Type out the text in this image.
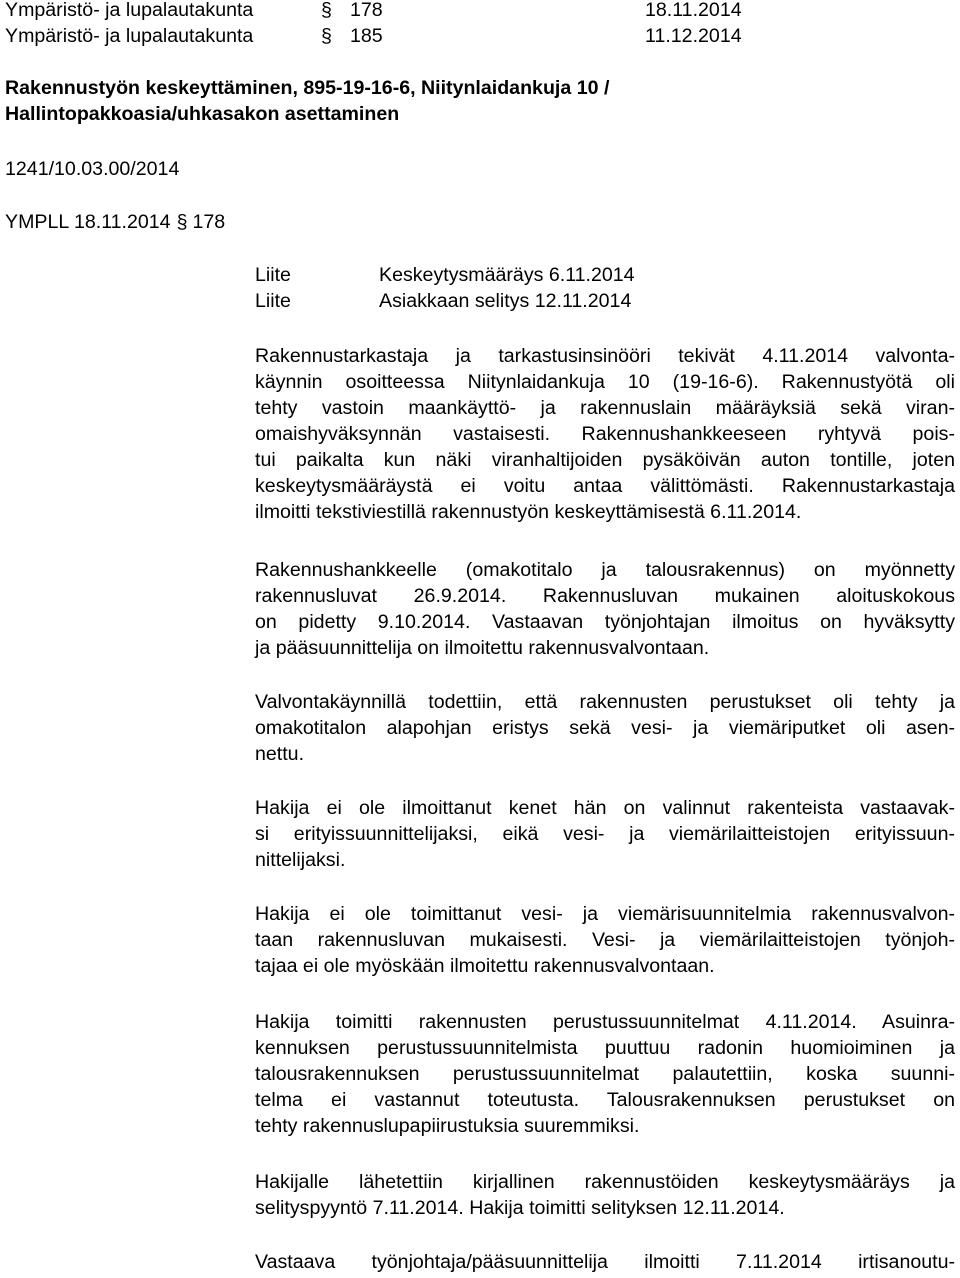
Ympäristö- ja lupalautakunta	§ 178	18.11.2014
Ympäristö- ja lupalautakunta	§ 185	11.12.2014
Rakennustyön keskeyttäminen, 895-19-16-6, Niitynlaidankuja 10 /
Hallintopakkoasia/uhkasakon asettaminen
1241/10.03.00/2014
YMPLL 18.11.2014 § 178
Liite	Keskeytysmääräys 6.11.2014
Liite	Asiakkaan selitys 12.11.2014
Rakennustarkastaja ja tarkastusinsinööri tekivät 4.11.2014 valvonta-
käynnin osoitteessa Niitynlaidankuja 10 (19-16-6). Rakennustyötä oli
tehty vastoin maankäyttö- ja rakennuslain määräyksiä sekä viran-
omaishyväksynnän vastaisesti. Rakennushankkeeseen ryhtyvä pois-
tui paikalta kun näki viranhaltijoiden pysäköivän auton tontille, joten
keskeytysmääräystä ei voitu antaa välittömästi. Rakennustarkastaja
ilmoitti tekstiviestillä rakennustyön keskeyttämisestä 6.11.2014.
Rakennushankkeelle (omakotitalo ja talousrakennus) on myönnetty
rakennusluvat 26.9.2014. Rakennusluvan mukainen aloituskokous
on pidetty 9.10.2014. Vastaavan työnjohtajan ilmoitus on hyväksytty
ja pääsuunnittelija on ilmoitettu rakennusvalvontaan.
Valvontakäynnillä todettiin, että rakennusten perustukset oli tehty ja
omakotitalon alapohjan eristys sekä vesi- ja viemäriputket oli asen-
nettu.
Hakija ei ole ilmoittanut kenet hän on valinnut rakenteista vastaavak-
si erityissuunnittelijaksi, eikä vesi- ja viemärilaitteistojen erityissuun-
nittelijaksi.
Hakija ei ole toimittanut vesi- ja viemärisuunnitelmia rakennusvalvon-
taan rakennusluvan mukaisesti. Vesi- ja viemärilaitteistojen työnjoh-
tajaa ei ole myöskään ilmoitettu rakennusvalvontaan.
Hakija toimitti rakennusten perustussuunnitelmat 4.11.2014. Asuinra-
kennuksen perustussuunnitelmista puuttuu radonin huomioiminen ja
talousrakennuksen perustussuunnitelmat palautettiin, koska suunni-
telma ei vastannut toteutusta. Talousrakennuksen perustukset on
tehty rakennuslupapiirustuksia suuremmiksi.
Hakijalle lähetettiin kirjallinen rakennustöiden keskeytysmääräys ja
selityspyyntö 7.11.2014. Hakija toimitti selityksen 12.11.2014.
Vastaava työnjohtaja/pääsuunnittelija ilmoitti 7.11.2014 irtisanoutu-
